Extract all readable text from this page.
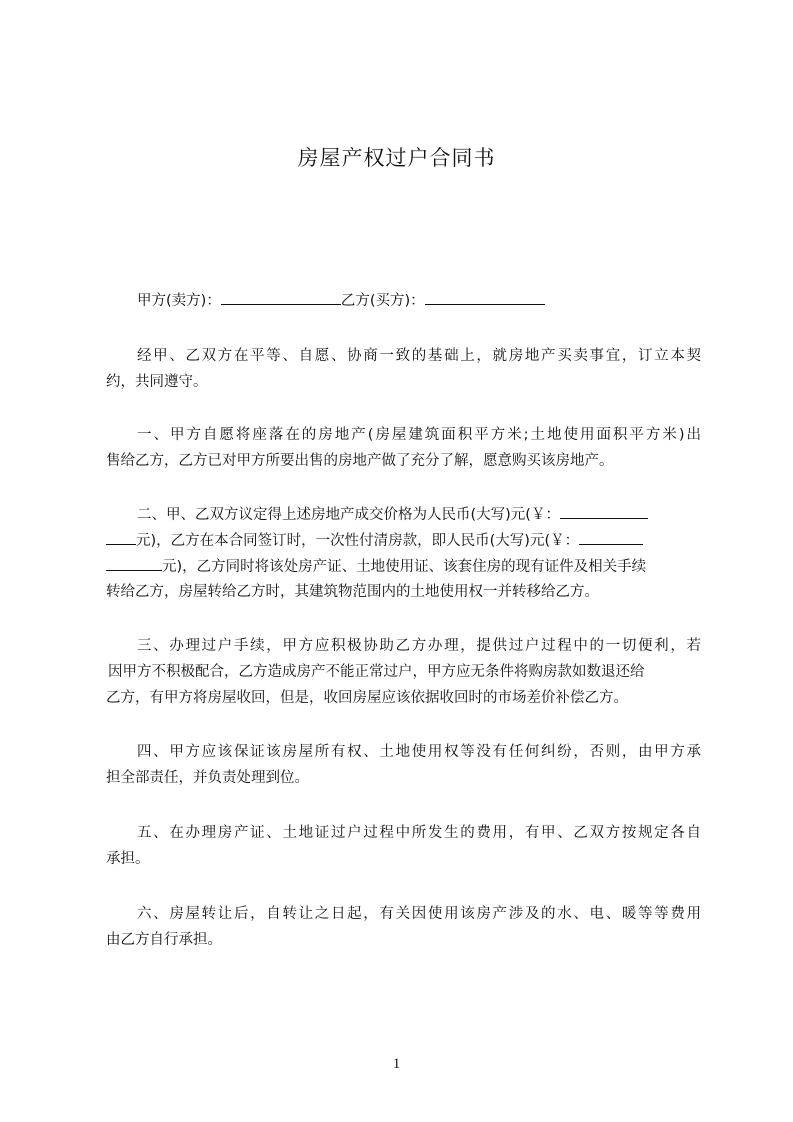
房屋产权过户合同书
甲方(卖方)：	乙方(买方)：
经甲、乙双方在平等、自愿、协商一致的基础上，就房地产买卖事宜，订立本契
约，共同遵守。
一、甲方自愿将座落在的房地产(房屋建筑面积平方米;土地使用面积平方米)出
售给乙方，乙方已对甲方所要出售的房地产做了充分了解，愿意购买该房地产。
二、甲、乙双方议定得上述房地产成交价格为人民币(大写)元(￥：
元)，乙方在本合同签订时，一次性付清房款，即人民币(大写)元(￥：
元)，乙方同时将该处房产证、土地使用证、该套住房的现有证件及相关手续
转给乙方，房屋转给乙方时，其建筑物范围内的土地使用权一并转移给乙方。
三、办理过户手续，甲方应积极协助乙方办理，提供过户过程中的一切便利，若
因甲方不积极配合，乙方造成房产不能正常过户，甲方应无条件将购房款如数退还给
乙方，有甲方将房屋收回，但是，收回房屋应该依据收回时的市场差价补偿乙方。
四、甲方应该保证该房屋所有权、土地使用权等没有任何纠纷，否则，由甲方承
担全部责任，并负责处理到位。
五、在办理房产证、土地证过户过程中所发生的费用，有甲、乙双方按规定各自
承担。
六、房屋转让后，自转让之日起，有关因使用该房产涉及的水、电、暖等等费用
由乙方自行承担。
1
